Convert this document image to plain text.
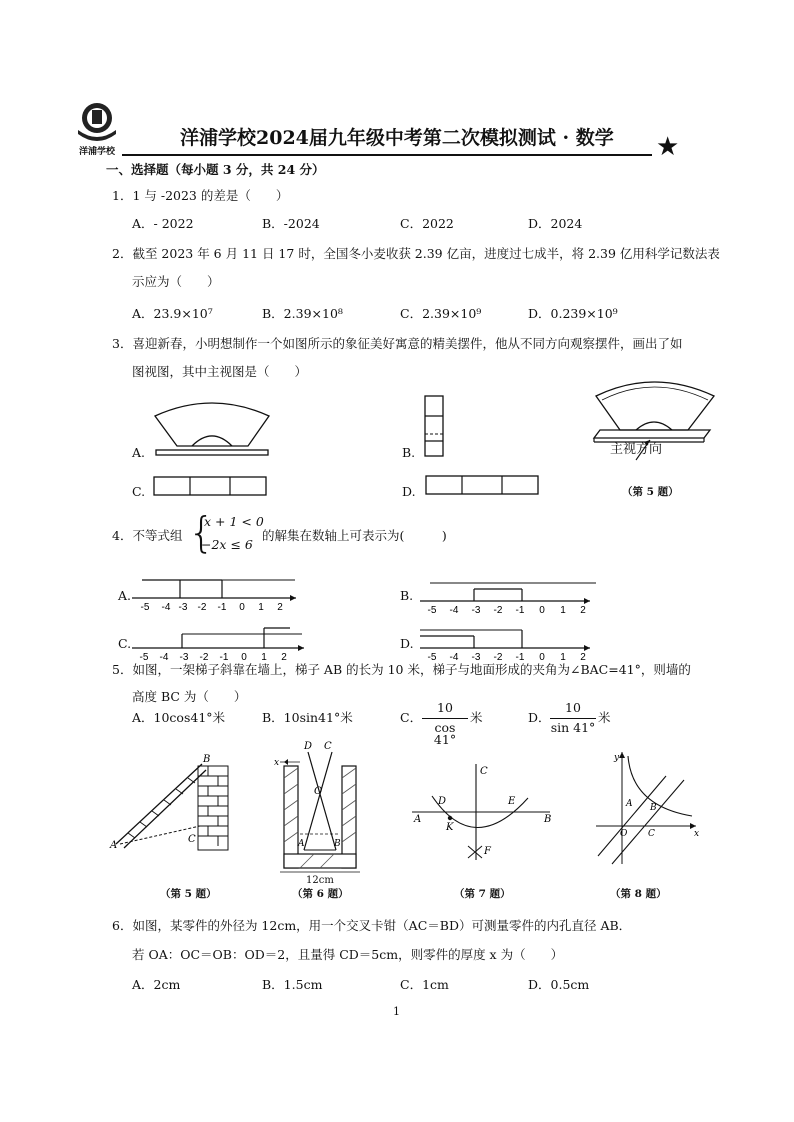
洋浦学校
洋浦学校2024届九年级中考第二次模拟测试 · 数学 ★
一、选择题（每小题 3 分，共 24 分）
1．1 与 -2023 的差是（　　）
A．- 2022	B．-2024	C．2022	D．2024
2．截至 2023 年 6 月 11 日 17 时，全国冬小麦收获 2.39 亿亩，进度过七成半，将 2.39 亿用科学记数法表
示应为（　　）
A．23.9×10⁷	B．2.39×10⁸	C．2.39×10⁹	D．0.239×10⁹
3．喜迎新春，小明想制作一个如图所示的象征美好寓意的精美摆件，他从不同方向观察摆件，画出了如
图视图，其中主视图是（　　）
A.	B.
C.	D.
主视方向
（第 5 题）
4．不等式组 {
x + 1 < 0
−2x ≤ 6
的解集在数轴上可表示为(　　　)
A.	B.
C.	D.
-5 -4 -3 -2 -1 0 1 2	-5 -4 -3 -2 -1 0 1 2
-5 -4 -3 -2 -1 0 1 2	-5 -4 -3 -2 -1 0 1 2
5．如图，一架梯子斜靠在墙上，梯子 AB 的长为 10 米，梯子与地面形成的夹角为∠BAC=41°，则墙的
高度 BC 为（　　）
A．10cos41°米	B．10sin41°米	C．
10
cos 41°
米	D．
10
sin 41°
米
B
A
C
x
D C
O
A	B
12cm
C
D	E
A	B
K
F
y
x
A B
O C
（第 5 题）	（第 6 题）	（第 7 题）	（第 8 题）
6．如图，某零件的外径为 12cm，用一个交叉卡钳（AC＝BD）可测量零件的内孔直径 AB．
若 OA：OC＝OB：OD＝2，且量得 CD＝5cm，则零件的厚度 x 为（　　）
A．2cm	B．1.5cm	C．1cm	D．0.5cm
1
